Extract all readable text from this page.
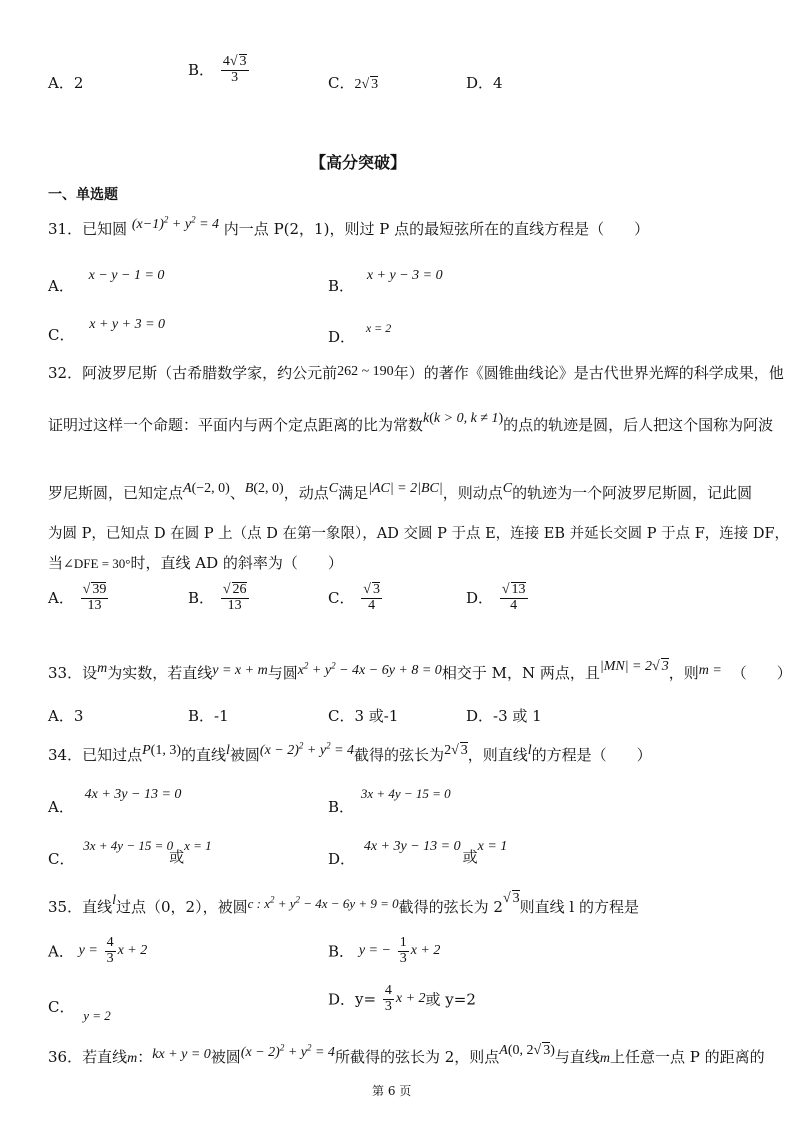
A．2
B． $\frac{4√ 3}{3}$	C．2√ 3	D．4
【高分突破】
一、单选题
31．已知圆 $(x-1)^2 + y^2 = 4$ 内一点 P(2，1)，则过 P 点的最短弦所在的直线方程是（　　）
A． x − y − 1 = 0
B． x + y − 3 = 0
C． x + y + 3 = 0
D． x = 2
32．阿波罗尼斯（古希腊数学家，约公元前262 ~ 190年）的著作《圆锥曲线论》是古代世界光辉的科学成果，他
证明过这样一个命题：平面内与两个定点距离的比为常数k(k > 0, k ≠ 1)的点的轨迹是圆，后人把这个国称为阿波
罗尼斯圆，已知定点A(−2, 0)、B(2, 0)，动点C满足|AC| = 2|BC|，则动点C的轨迹为一个阿波罗尼斯圆，记此圆
为圆 P，已知点 D 在圆 P 上（点 D 在第一象限），AD 交圆 P 于点 E，连接 EB 并延长交圆 P 于点 F，连接 DF，
当∠DFE = 30°时，直线 AD 的斜率为（　　）
A． $\frac{√ 39}{13}$	B． $\frac{√ 26}{13}$	C． $\frac{√ 3}{4}$	D． $\frac{√ 13}{4}$
33．设m为实数，若直线y = x + m与圆$x^2 + y^2 - 4x - 6y + 8 = 0$相交于 M，N 两点，且|MN| = 2√ 3，则m = （　　）
A．3	B．-1	C．3 或-1	D．-3 或 1
34．已知过点P(1, 3)的直线l被圆$(x - 2)^2 + y^2 = 4$截得的弦长为2√ 3，则直线l的方程是（　　）
A． 4x + 3y − 13 = 0
B． 3x + 4y − 15 = 0
C． 3x + 4y − 15 = 0或x = 1
D． 4x + 3y − 13 = 0或x = 1
35．直线l过点（0，2），被圆c : $x^2 + y^2 - 4x - 6y + 9 = 0$截得的弦长为 2√ 3则直线 l 的方程是
A． $y = \frac{4}{3}$ x + 2	B． y = − $\frac{1}{3}$ x + 2
C． y = 2
D．$y= \frac{4}{3}$ x + 2或 y=2
36．若直线m：kx + y = 0被圆$(x - 2)^2 + y^2 = 4$所截得的弦长为 2，则点A(0, 2√ 3)与直线m上任意一点 P 的距离的
第 6 页
